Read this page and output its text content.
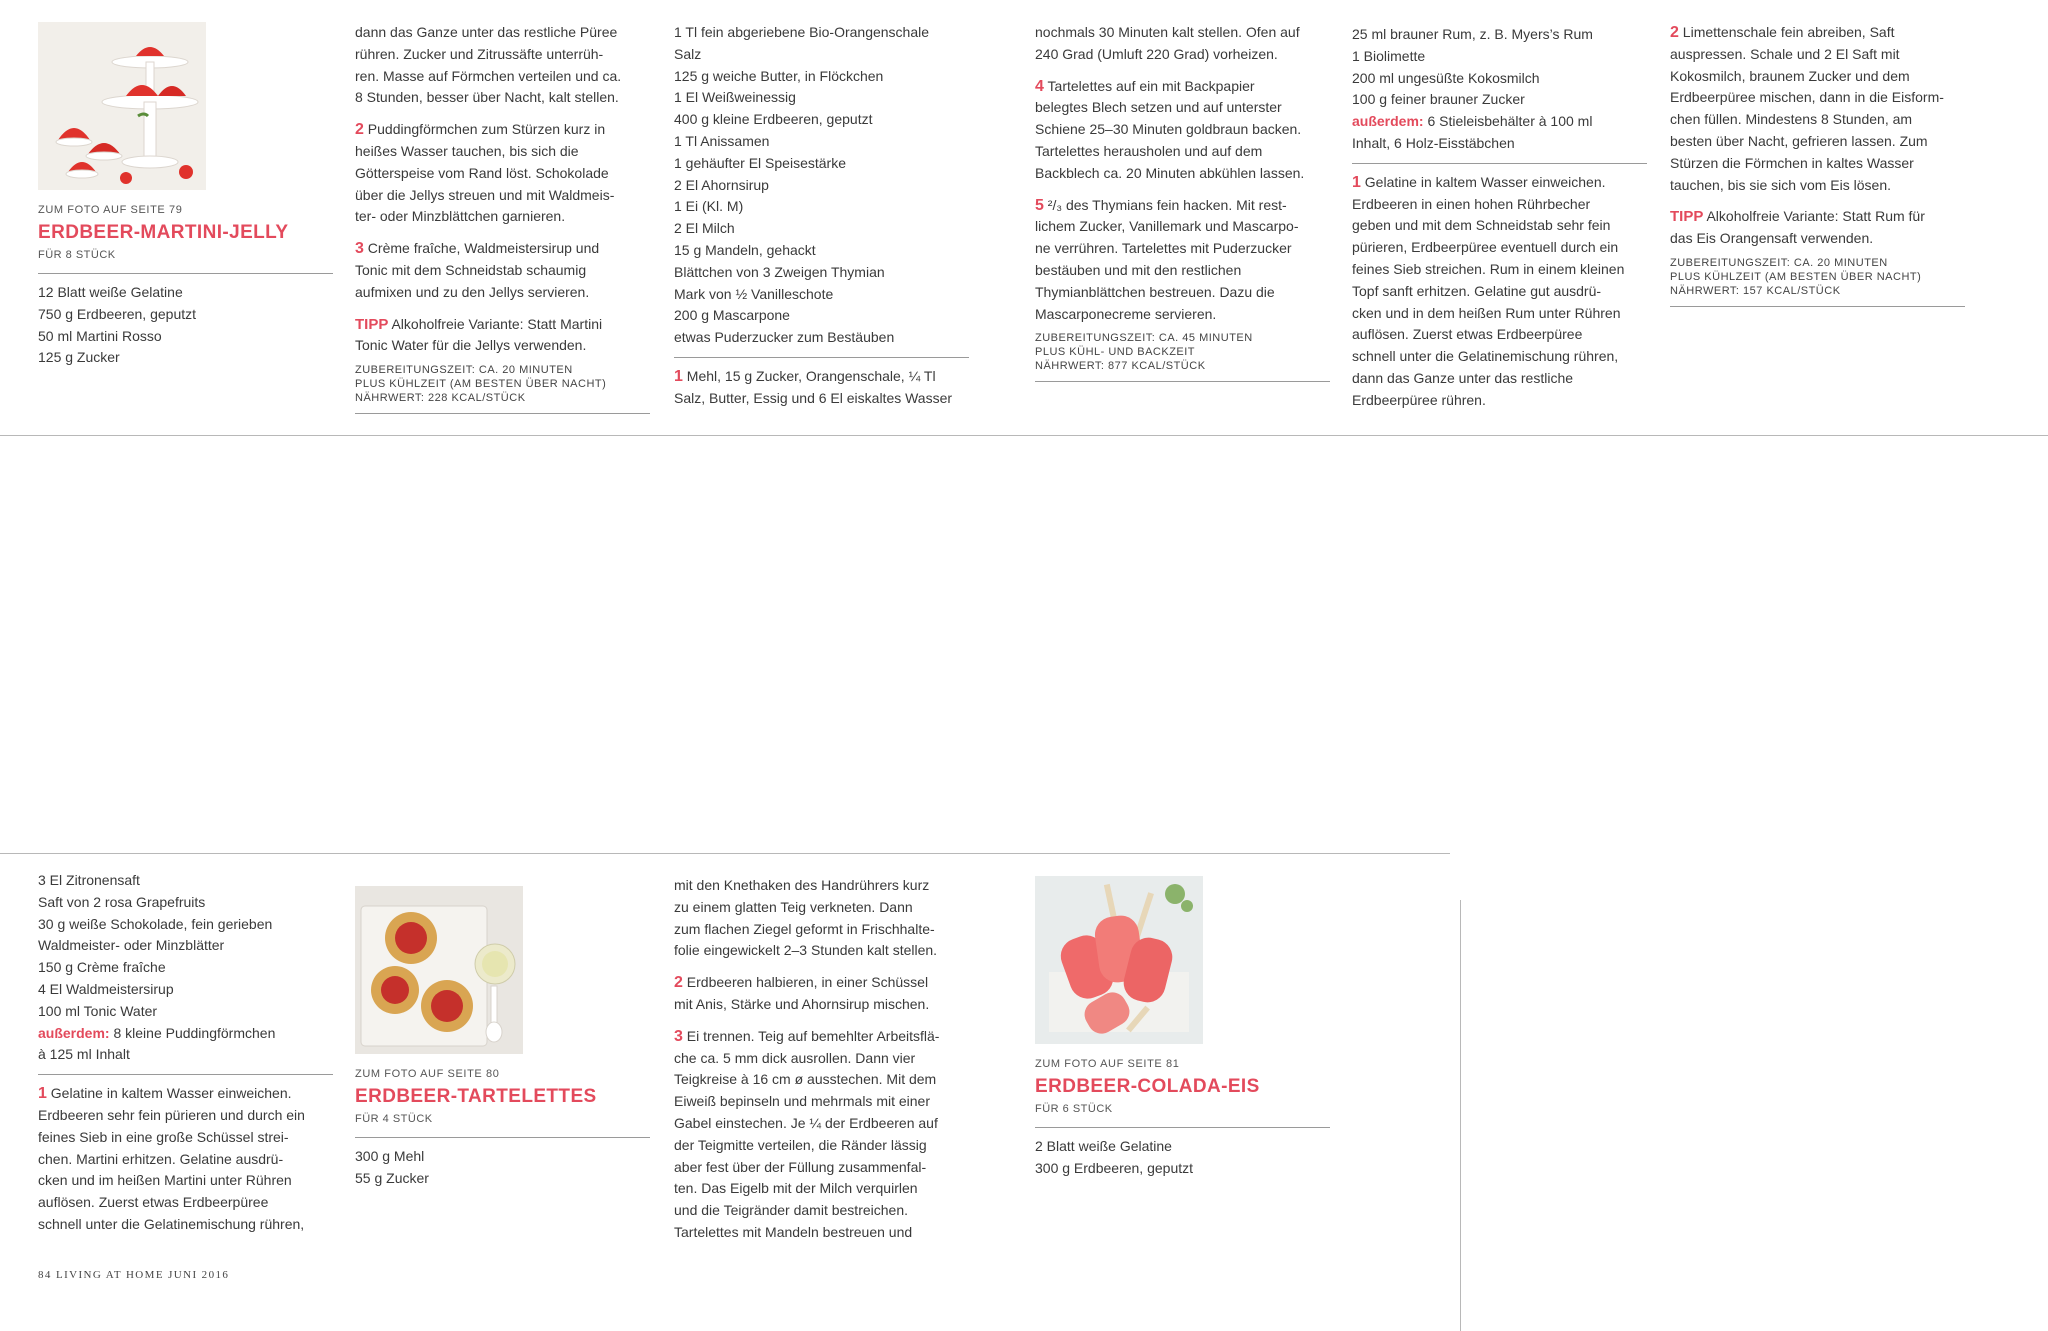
ZUM FOTO AUF SEITE 79
ERDBEER-MARTINI-JELLY
FÜR 8 STÜCK

12 Blatt weiße Gelatine

750 g Erdbeeren, geputzt

50 ml Martini Rosso

125 g Zucker

dann das Ganze unter das restliche Püree

rühren. Zucker und Zitrussäfte unterrüh-

ren. Masse auf Förmchen verteilen und ca.

8 Stunden, besser über Nacht, kalt stellen.

2 Puddingförmchen zum Stürzen kurz in

heißes Wasser tauchen, bis sich die

Götterspeise vom Rand löst. Schokolade

über die Jellys streuen und mit Waldmeis-

ter- oder Minzblättchen garnieren.

3 Crème fraîche, Waldmeistersirup und

Tonic mit dem Schneidstab schaumig

aufmixen und zu den Jellys servieren.

TIPP Alkoholfreie Variante: Statt Martini

Tonic Water für die Jellys verwenden.

ZUBEREITUNGSZEIT: CA. 20 MINUTEN

PLUS KÜHLZEIT (AM BESTEN ÜBER NACHT)

NÄHRWERT: 228 KCAL/STÜCK

1 Tl fein abgeriebene Bio-Orangenschale

Salz

125 g weiche Butter, in Flöckchen

1 El Weißweinessig

400 g kleine Erdbeeren, geputzt

1 Tl Anissamen

1 gehäufter El Speisestärke

2 El Ahornsirup

1 Ei (Kl. M)

2 El Milch

15 g Mandeln, gehackt

Blättchen von 3 Zweigen Thymian

Mark von ½ Vanilleschote

200 g Mascarpone

etwas Puderzucker zum Bestäuben

1 Mehl, 15 g Zucker, Orangenschale, ¼ Tl

Salz, Butter, Essig und 6 El eiskaltes Wasser

nochmals 30 Minuten kalt stellen. Ofen auf

240 Grad (Umluft 220 Grad) vorheizen.

4 Tartelettes auf ein mit Backpapier

belegtes Blech setzen und auf unterster

Schiene 25–30 Minuten goldbraun backen.

Tartelettes herausholen und auf dem

Backblech ca. 20 Minuten abkühlen lassen.

5 ²/₃ des Thymians fein hacken. Mit rest-

lichem Zucker, Vanillemark und Mascarpo-

ne verrühren. Tartelettes mit Puderzucker

bestäuben und mit den restlichen

Thymianblättchen bestreuen. Dazu die

Mascarponecreme servieren.

ZUBEREITUNGSZEIT: CA. 45 MINUTEN

PLUS KÜHL- UND BACKZEIT

NÄHRWERT: 877 KCAL/STÜCK

25 ml brauner Rum, z. B. Myers’s Rum

1 Biolimette

200 ml ungesüßte Kokosmilch

100 g feiner brauner Zucker

außerdem: 6 Stieleisbehälter à 100 ml

Inhalt, 6 Holz-Eisstäbchen

1 Gelatine in kaltem Wasser einweichen.

Erdbeeren in einen hohen Rührbecher

geben und mit dem Schneidstab sehr fein

pürieren, Erdbeerpüree eventuell durch ein

feines Sieb streichen. Rum in einem kleinen

Topf sanft erhitzen. Gelatine gut ausdrü-

cken und in dem heißen Rum unter Rühren

auflösen. Zuerst etwas Erdbeerpüree

schnell unter die Gelatinemischung rühren,

dann das Ganze unter das restliche

Erdbeerpüree rühren.

2 Limettenschale fein abreiben, Saft

auspressen. Schale und 2 El Saft mit

Kokosmilch, braunem Zucker und dem

Erdbeerpüree mischen, dann in die Eisform-

chen füllen. Mindestens 8 Stunden, am

besten über Nacht, gefrieren lassen. Zum

Stürzen die Förmchen in kaltes Wasser

tauchen, bis sie sich vom Eis lösen.

TIPP Alkoholfreie Variante: Statt Rum für

das Eis Orangensaft verwenden.

ZUBEREITUNGSZEIT: CA. 20 MINUTEN

PLUS KÜHLZEIT (AM BESTEN ÜBER NACHT)

NÄHRWERT: 157 KCAL/STÜCK

3 El Zitronensaft

Saft von 2 rosa Grapefruits

30 g weiße Schokolade, fein gerieben

Waldmeister- oder Minzblätter

150 g Crème fraîche

4 El Waldmeistersirup

100 ml Tonic Water

außerdem: 8 kleine Puddingförmchen

à 125 ml Inhalt

1 Gelatine in kaltem Wasser einweichen.

Erdbeeren sehr fein pürieren und durch ein

feines Sieb in eine große Schüssel strei-

chen. Martini erhitzen. Gelatine ausdrü-

cken und im heißen Martini unter Rühren

auflösen. Zuerst etwas Erdbeerpüree

schnell unter die Gelatinemischung rühren,

ZUM FOTO AUF SEITE 80
ERDBEER-TARTELETTES
FÜR 4 STÜCK

300 g Mehl

55 g Zucker

mit den Knethaken des Handrührers kurz

zu einem glatten Teig verkneten. Dann

zum flachen Ziegel geformt in Frischhalte-

folie eingewickelt 2–3 Stunden kalt stellen.

2 Erdbeeren halbieren, in einer Schüssel

mit Anis, Stärke und Ahornsirup mischen.

3 Ei trennen. Teig auf bemehlter Arbeitsflä-

che ca. 5 mm dick ausrollen. Dann vier

Teigkreise à 16 cm ø ausstechen. Mit dem

Eiweiß bepinseln und mehrmals mit einer

Gabel einstechen. Je ¼ der Erdbeeren auf

der Teigmitte verteilen, die Ränder lässig

aber fest über der Füllung zusammenfal-

ten. Das Eigelb mit der Milch verquirlen

und die Teigränder damit bestreichen.

Tartelettes mit Mandeln bestreuen und

ZUM FOTO AUF SEITE 81
ERDBEER-COLADA-EIS
FÜR 6 STÜCK

2 Blatt weiße Gelatine

300 g Erdbeeren, geputzt

84 LIVING AT HOME JUNI 2016
